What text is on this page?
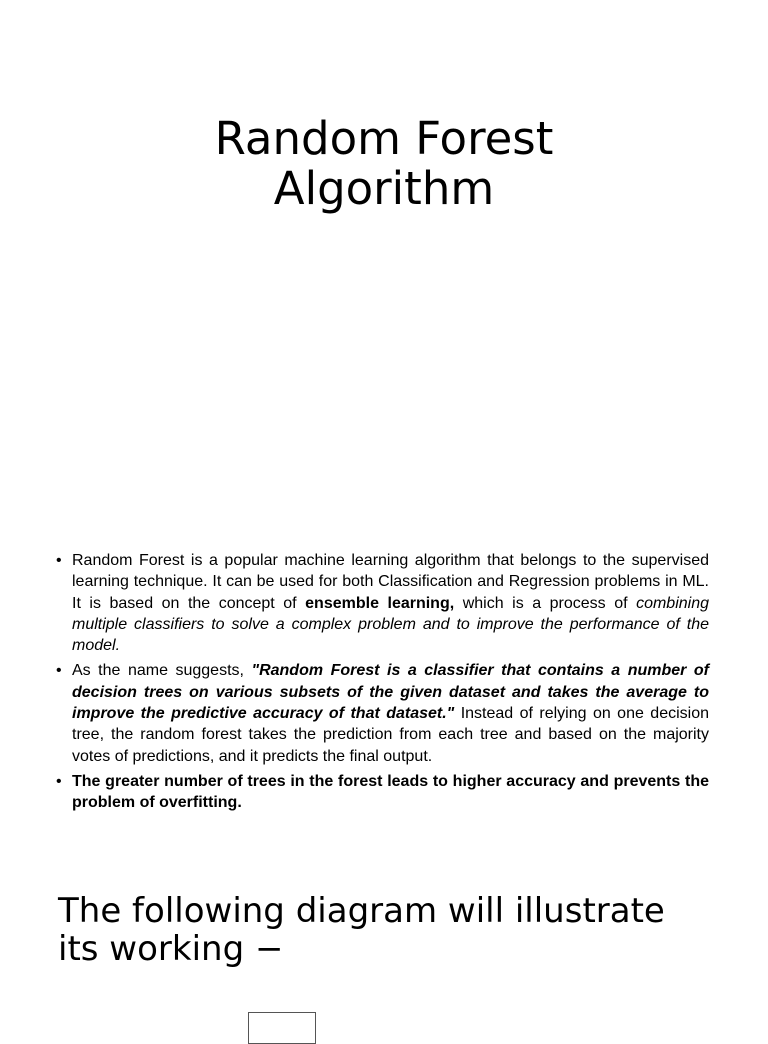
Random Forest
Algorithm
• Random Forest is a popular machine learning algorithm that belongs to the supervised learning technique. It can be used for both Classification and Regression problems in ML. It is based on the concept of ensemble learning, which is a process of combining multiple classifiers to solve a complex problem and to improve the performance of the model.
• As the name suggests, "Random Forest is a classifier that contains a number of decision trees on various subsets of the given dataset and takes the average to improve the predictive accuracy of that dataset." Instead of relying on one decision tree, the random forest takes the prediction from each tree and based on the majority votes of predictions, and it predicts the final output.
• The greater number of trees in the forest leads to higher accuracy and prevents the problem of overfitting.
The following diagram will illustrate
its working −
